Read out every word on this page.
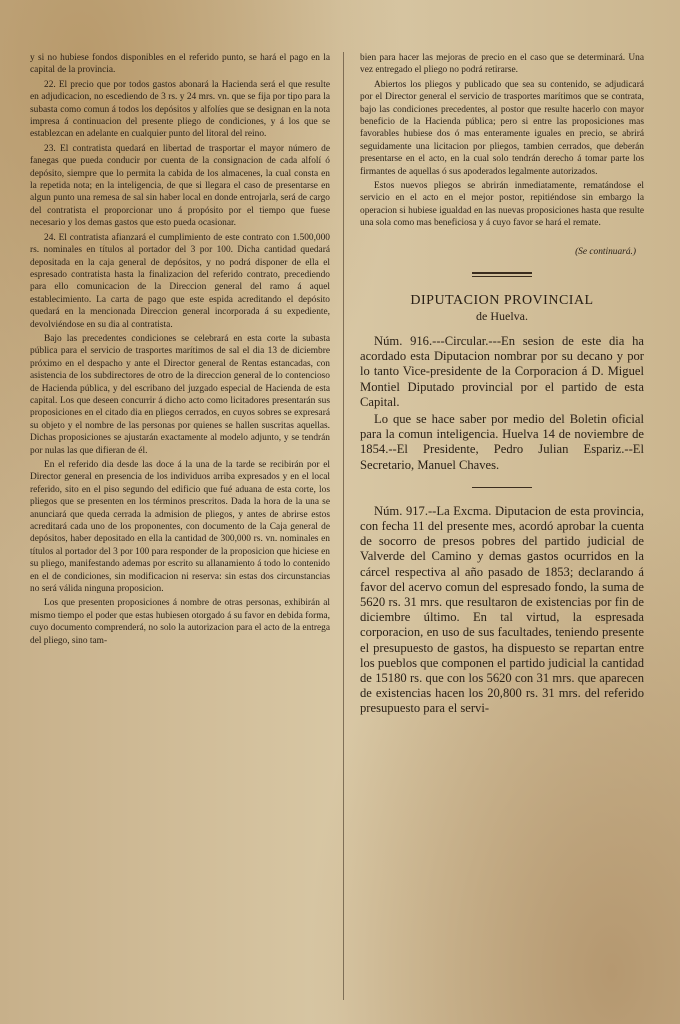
y si no hubiese fondos disponibles en el referido punto, se hará el pago en la capital de la provincia.

22. El precio que por todos gastos abonará la Hacienda será el que resulte en adjudicacion, no escediendo de 3 rs. y 24 mrs. vn. que se fija por tipo para la subasta como comun á todos los depósitos y alfolíes que se designan en la nota impresa á continuacion del presente pliego de condiciones, y á los que se establezcan en adelante en cualquier punto del litoral del reino.

23. El contratista quedará en libertad de trasportar el mayor número de fanegas que pueda conducir por cuenta de la consignacion de cada alfolí ó depósito, siempre que lo permita la cabida de los almacenes, la cual consta en la repetida nota; en la inteligencia, de que si llegara el caso de presentarse en algun punto una remesa de sal sin haber local en donde entrojarla, será de cargo del contratista el proporcionar uno á propósito por el tiempo que fuese necesario y los demas gastos que esto pueda ocasionar.

24. El contratista afianzará el cumplimiento de este contrato con 1.500,000 rs. nominales en títulos al portador del 3 por 100. Dicha cantidad quedará depositada en la caja general de depósitos, y no podrá disponer de ella el espresado contratista hasta la finalizacion del referido contrato, precediendo para ello comunicacion de la Direccion general del ramo á aquel establecimiento. La carta de pago que este espida acreditando el depósito quedará en la mencionada Direccion general incorporada á su expediente, devolviéndose en su dia al contratista.

Bajo las precedentes condiciones se celebrará en esta corte la subasta pública para el servicio de trasportes marítimos de sal el dia 13 de diciembre próximo en el despacho y ante el Director general de Rentas estancadas, con asistencia de los subdirectores de otro de la direccion general de lo contencioso de Hacienda pública, y del escribano del juzgado especial de Hacienda de esta capital. Los que deseen concurrir á dicho acto como licitadores presentarán sus proposiciones en el citado dia en pliegos cerrados, en cuyos sobres se expresará su objeto y el nombre de las personas por quienes se hallen suscritas aquellas. Dichas proposiciones se ajustarán exactamente al modelo adjunto, y se tendrán por nulas las que difieran de él.

En el referido dia desde las doce á la una de la tarde se recibirán por el Director general en presencia de los individuos arriba expresados y en el local referido, sito en el piso segundo del edificio que fué aduana de esta corte, los pliegos que se presenten en los términos prescritos. Dada la hora de la una se anunciará que queda cerrada la admision de pliegos, y antes de abrirse estos acreditará cada uno de los proponentes, con documento de la Caja general de depósitos, haber depositado en ella la cantidad de 300,000 rs. vn. nominales en títulos al portador del 3 por 100 para responder de la proposicion que hiciese en su pliego, manifestando ademas por escrito su allanamiento á todo lo contenido en el de condiciones, sin modificacion ni reserva: sin estas dos circunstancias no será válida ninguna proposicion.

Los que presenten proposiciones á nombre de otras personas, exhibirán al mismo tiempo el poder que estas hubiesen otorgado á su favor en debida forma, cuyo documento comprenderá, no solo la autorizacion para el acto de la entrega del pliego, sino tam-

bien para hacer las mejoras de precio en el caso que se determinará. Una vez entregado el pliego no podrá retirarse.

Abiertos los pliegos y publicado que sea su contenido, se adjudicará por el Director general el servicio de trasportes marítimos que se contrata, bajo las condiciones precedentes, al postor que resulte hacerlo con mayor beneficio de la Hacienda pública; pero si entre las proposiciones mas favorables hubiese dos ó mas enteramente iguales en precio, se abrirá seguidamente una licitacion por pliegos, tambien cerrados, que deberán presentarse en el acto, en la cual solo tendrán derecho á tomar parte los firmantes de aquellas ó sus apoderados legalmente autorizados.

Estos nuevos pliegos se abrirán inmediatamente, rematándose el servicio en el acto en el mejor postor, repitiéndose sin embargo la operacion si hubiese igualdad en las nuevas proposiciones hasta que resulte una sola como mas beneficiosa y á cuyo favor se hará el remate.

(Se continuará.)

DIPUTACION PROVINCIAL

de Huelva.

Núm. 916.---Circular.---En sesion de este dia ha acordado esta Diputacion nombrar por su decano y por lo tanto Vice-presidente de la Corporacion á D. Miguel Montiel Diputado provincial por el partido de esta Capital.

Lo que se hace saber por medio del Boletin oficial para la comun inteligencia. Huelva 14 de noviembre de 1854.--El Presidente, Pedro Julian Espariz.--El Secretario, Manuel Chaves.

Núm. 917.--La Excma. Diputacion de esta provincia, con fecha 11 del presente mes, acordó aprobar la cuenta de socorro de presos pobres del partido judicial de Valverde del Camino y demas gastos ocurridos en la cárcel respectiva al año pasado de 1853; declarando á favor del acervo comun del espresado fondo, la suma de 5620 rs. 31 mrs. que resultaron de existencias por fin de diciembre último. En tal virtud, la espresada corporacion, en uso de sus facultades, teniendo presente el presupuesto de gastos, ha dispuesto se repartan entre los pueblos que componen el partido judicial la cantidad de 15180 rs. que con los 5620 con 31 mrs. que aparecen de existencias hacen los 20,800 rs. 31 mrs. del referido presupuesto para el servi-
